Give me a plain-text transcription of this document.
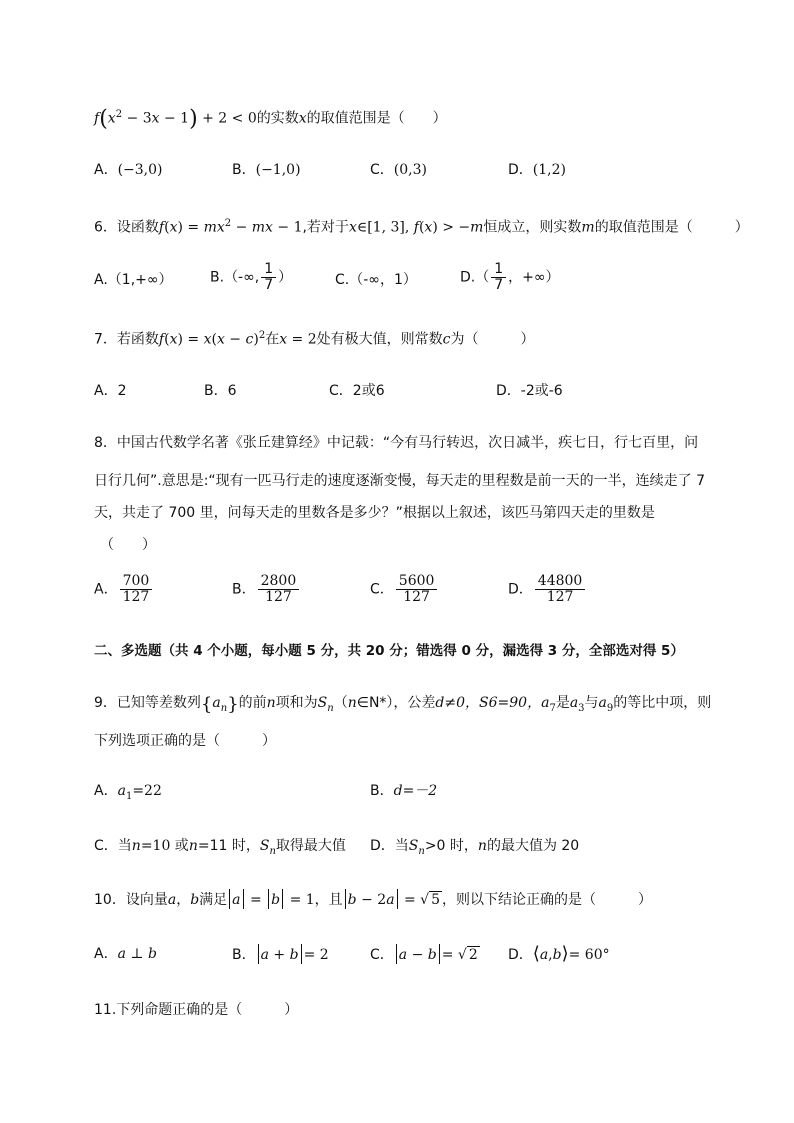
$f(x^2 - 3x - 1) + 2 < 0$的实数x的取值范围是（　　）
A．(−3,0)	B．(−1,0)	C．(0,3)	D．(1,2)
6．设函数$f(x) = mx^2$ − mx − 1,若对于x∈[1, 3], f(x) > −m恒成立，则实数m的取值范围是（　　　）
A.（1,+∞）	B.（-∞, $\frac{1}{7}$ ）	C.（-∞，1）	$D.( \frac{1}{7}$ ，+∞）
7．若函数$f(x) = x(x - c)^2$在x = 2处有极大值，则常数c为（　　　）
A．2	B．6	C．2或6	D．-2或-6
8．中国古代数学名著《张丘建算经》中记载：“今有马行转迟，次日减半，疾七日，行七百里，问
日行几何”.意思是:“现有一匹马行走的速度逐渐变慢，每天走的里程数是前一天的一半，连续走了 7
天，共走了 700 里，问每天走的里数各是多少？”根据以上叙述，该匹马第四天走的里数是
（　　）
A． $\frac{700}{127}$	B． $\frac{2800}{127}$	C． $\frac{5600}{127}$	D． $\frac{44800}{127}$
二、多选题（共 4 个小题，每小题 5 分，共 20 分；错选得 0 分，漏选得 3 分，全部选对得 5）
9．已知等差数列$\{a_n\}$的前n项和为$S_n(n\in N*)$，公差d≠0，S6=90，$a_7$是$a_3$与$a_9$的等比中项，则
下列选项正确的是（　　　）
A．$a_1=22$	B．d=－2
C．当n=10 或n=11 时，$S_n$取得最大值 D．当$S_n>0$ 时，n的最大值为 20
10．设向量a，b满足 a = b = 1，且 b − 2a = √ 5 ，则以下结论正确的是（　　　）
A．a ⊥ b	B． a + b = 2	C． a − b = √ 2 D．⟨a,b⟩= 60°
11.下列命题正确的是（　　　）
